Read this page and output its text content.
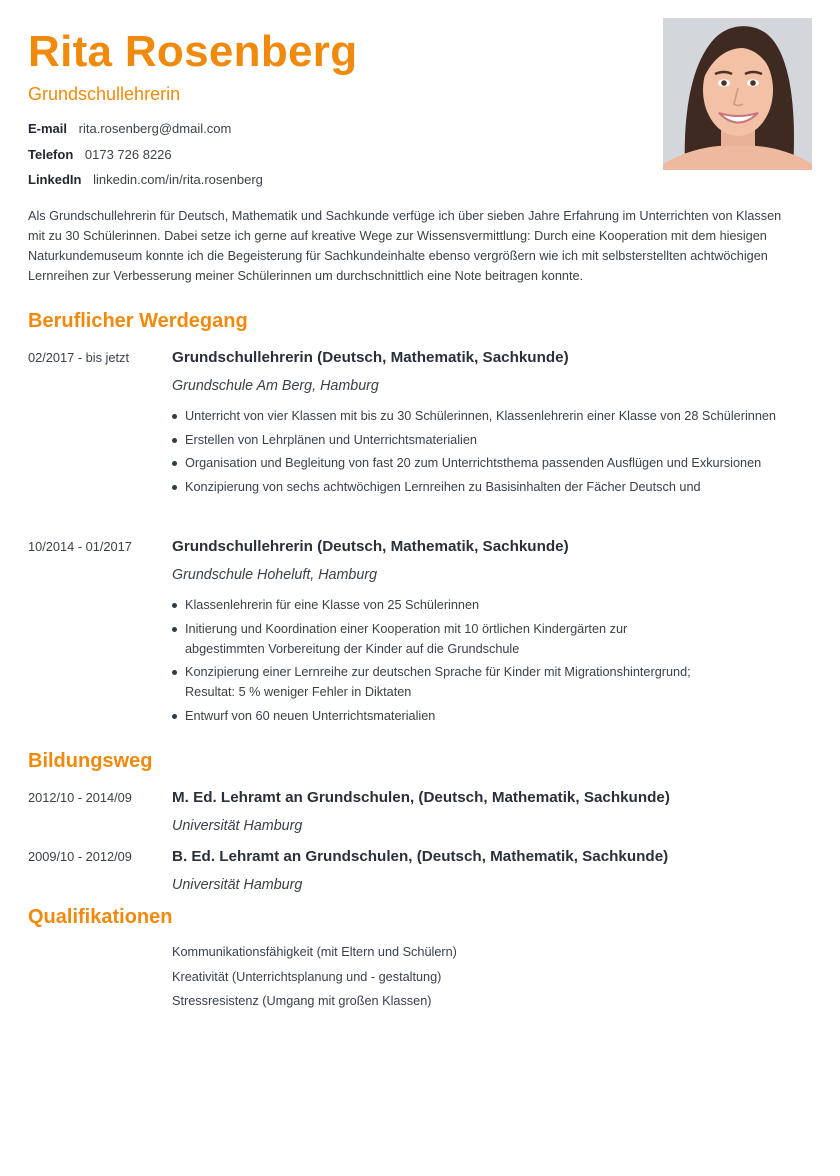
Rita Rosenberg
Grundschullehrerin
E-mail rita.rosenberg@dmail.com
Telefon 0173 726 8226
LinkedIn linkedin.com/in/rita.rosenberg
Als Grundschullehrerin für Deutsch, Mathematik und Sachkunde verfüge ich über sieben Jahre Erfahrung im Unterrichten von Klassen mit zu 30 Schülerinnen. Dabei setze ich gerne auf kreative Wege zur Wissensvermittlung: Durch eine Kooperation mit dem hiesigen Naturkundemuseum konnte ich die Begeisterung für Sachkundeinhalte ebenso vergrößern wie ich mit selbsterstellten achtwöchigen Lernreihen zur Verbesserung meiner Schülerinnen um durchschnittlich eine Note beitragen konnte.
Beruflicher Werdegang
02/2017 - bis jetzt	Grundschullehrerin (Deutsch, Mathematik, Sachkunde)
Grundschule Am Berg, Hamburg
Unterricht von vier Klassen mit bis zu 30 Schülerinnen, Klassenlehrerin einer Klasse von 28 Schülerinnen
Erstellen von Lehrplänen und Unterrichtsmaterialien
Organisation und Begleitung von fast 20 zum Unterrichtsthema passenden Ausflügen und Exkursionen
Konzipierung von sechs achtwöchigen Lernreihen zu Basisinhalten der Fächer Deutsch und
10/2014 - 01/2017	Grundschullehrerin (Deutsch, Mathematik, Sachkunde)
Grundschule Hoheluft, Hamburg
Klassenlehrerin für eine Klasse von 25 Schülerinnen
Initierung und Koordination einer Kooperation mit 10 örtlichen Kindergärten zur abgestimmten Vorbereitung der Kinder auf die Grundschule
Konzipierung einer Lernreihe zur deutschen Sprache für Kinder mit Migrationshintergrund; Resultat: 5 % weniger Fehler in Diktaten
Entwurf von 60 neuen Unterrichtsmaterialien
Bildungsweg
2012/10 - 2014/09	M. Ed. Lehramt an Grundschulen, (Deutsch, Mathematik, Sachkunde)
Universität Hamburg
2009/10 - 2012/09	B. Ed. Lehramt an Grundschulen, (Deutsch, Mathematik, Sachkunde)
Universität Hamburg
Qualifikationen
Kommunikationsfähigkeit (mit Eltern und Schülern)
Kreativität (Unterrichtsplanung und - gestaltung)
Stressresistenz (Umgang mit großen Klassen)
